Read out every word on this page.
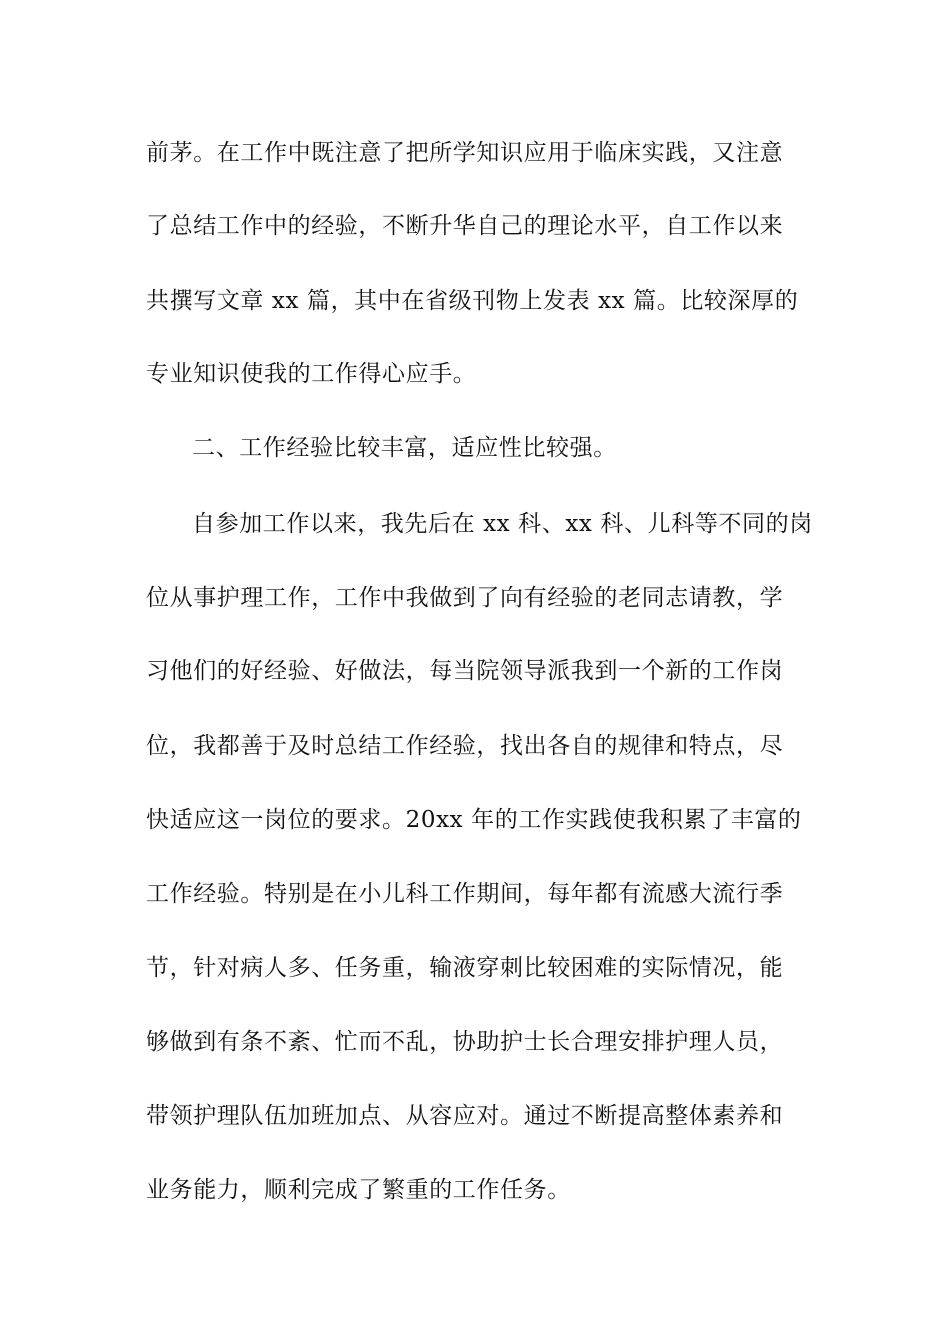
前茅。在工作中既注意了把所学知识应用于临床实践，又注意
了总结工作中的经验，不断升华自己的理论水平，自工作以来
共撰写文章 xx 篇，其中在省级刊物上发表 xx 篇。比较深厚的
专业知识使我的工作得心应手。
二、工作经验比较丰富，适应性比较强。
自参加工作以来，我先后在 xx 科、xx 科、儿科等不同的岗
位从事护理工作，工作中我做到了向有经验的老同志请教，学
习他们的好经验、好做法，每当院领导派我到一个新的工作岗
位，我都善于及时总结工作经验，找出各自的规律和特点，尽
快适应这一岗位的要求。20xx 年的工作实践使我积累了丰富的
工作经验。特别是在小儿科工作期间，每年都有流感大流行季
节，针对病人多、任务重，输液穿刺比较困难的实际情况，能
够做到有条不紊、忙而不乱，协助护士长合理安排护理人员，
带领护理队伍加班加点、从容应对。通过不断提高整体素养和
业务能力，顺利完成了繁重的工作任务。
